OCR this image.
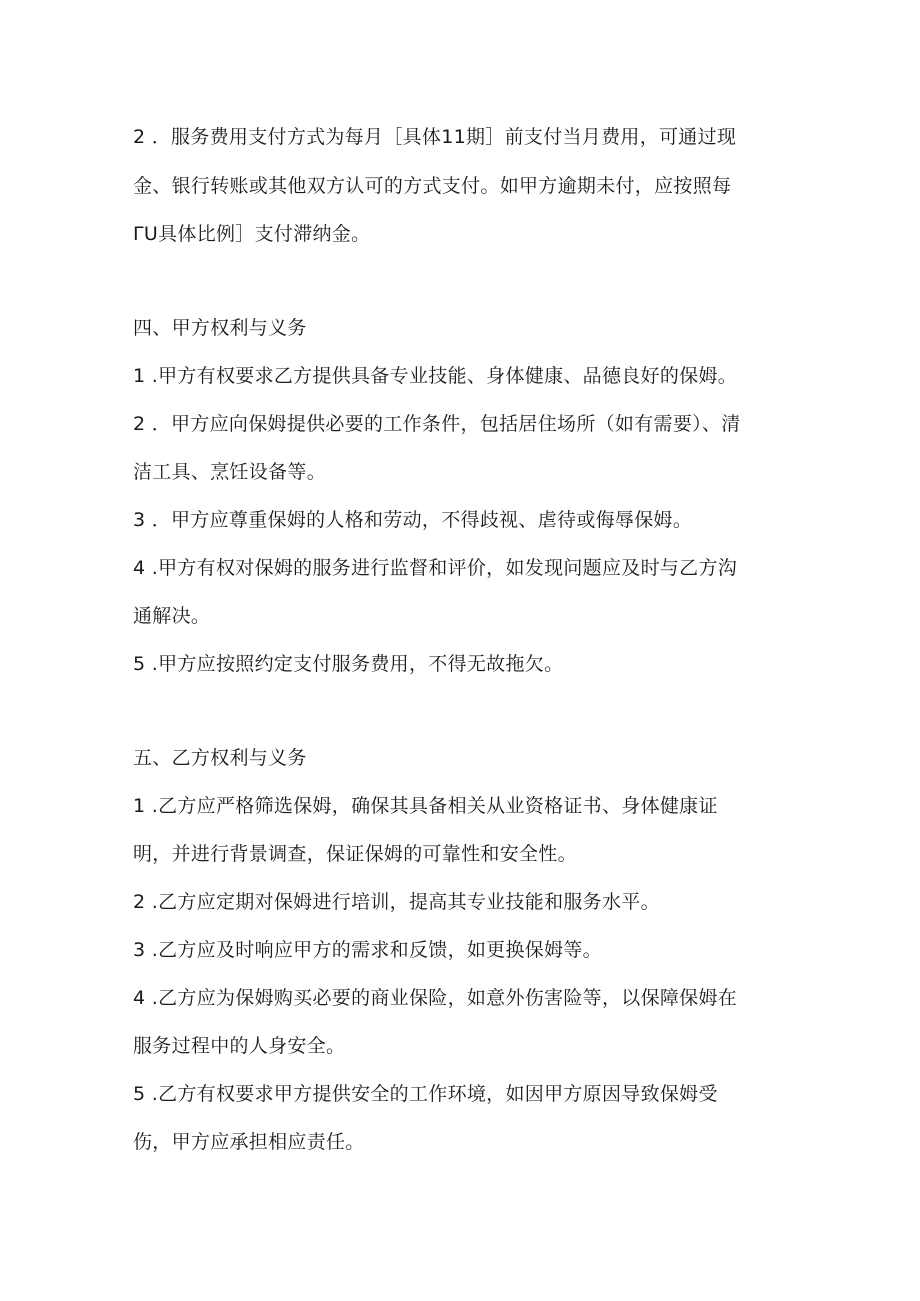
2 ．服务费用支付方式为每月［具体11期］前支付当月费用，可通过现
金、银行转账或其他双方认可的方式支付。如甲方逾期未付，应按照每
ΓU具体比例］支付滞纳金。
四、甲方权利与义务
1 .甲方有权要求乙方提供具备专业技能、身体健康、品德良好的保姆。
2 ．甲方应向保姆提供必要的工作条件，包括居住场所（如有需要）、清
洁工具、烹饪设备等。
3 ．甲方应尊重保姆的人格和劳动，不得歧视、虐待或侮辱保姆。
4 .甲方有权对保姆的服务进行监督和评价，如发现问题应及时与乙方沟
通解决。
5 .甲方应按照约定支付服务费用，不得无故拖欠。
五、乙方权利与义务
1 .乙方应严格筛选保姆，确保其具备相关从业资格证书、身体健康证
明，并进行背景调查，保证保姆的可靠性和安全性。
2 .乙方应定期对保姆进行培训，提高其专业技能和服务水平。
3 .乙方应及时响应甲方的需求和反馈，如更换保姆等。
4 .乙方应为保姆购买必要的商业保险，如意外伤害险等，以保障保姆在
服务过程中的人身安全。
5 .乙方有权要求甲方提供安全的工作环境，如因甲方原因导致保姆受
伤，甲方应承担相应责任。
